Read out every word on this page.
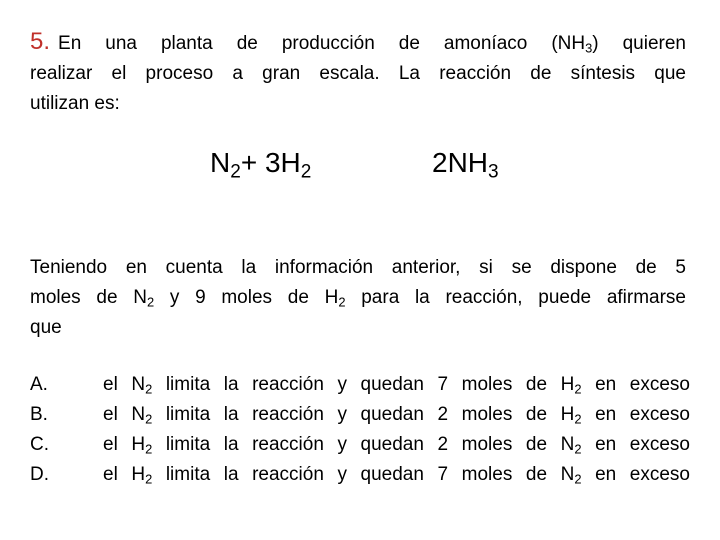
5. En una planta de producción de amoníaco $(NH_3)$ quieren
realizar el proceso a gran escala. La reacción de síntesis que
utilizan es:
$N_2+ 3H_2$	$2NH_3$
Teniendo en cuenta la información anterior, si se dispone de 5
moles de $N_2$ y 9 moles de $H_2$ para la reacción, puede afirmarse
que
A.	el $N_2$ limita la reacción y quedan 7 moles de $H_2$ en exceso
B.	el $N_2$ limita la reacción y quedan 2 moles de $H_2$ en exceso
C.	el $H_2$ limita la reacción y quedan 2 moles de $N_2$ en exceso
D.	el $H_2$ limita la reacción y quedan 7 moles de $N_2$ en exceso
